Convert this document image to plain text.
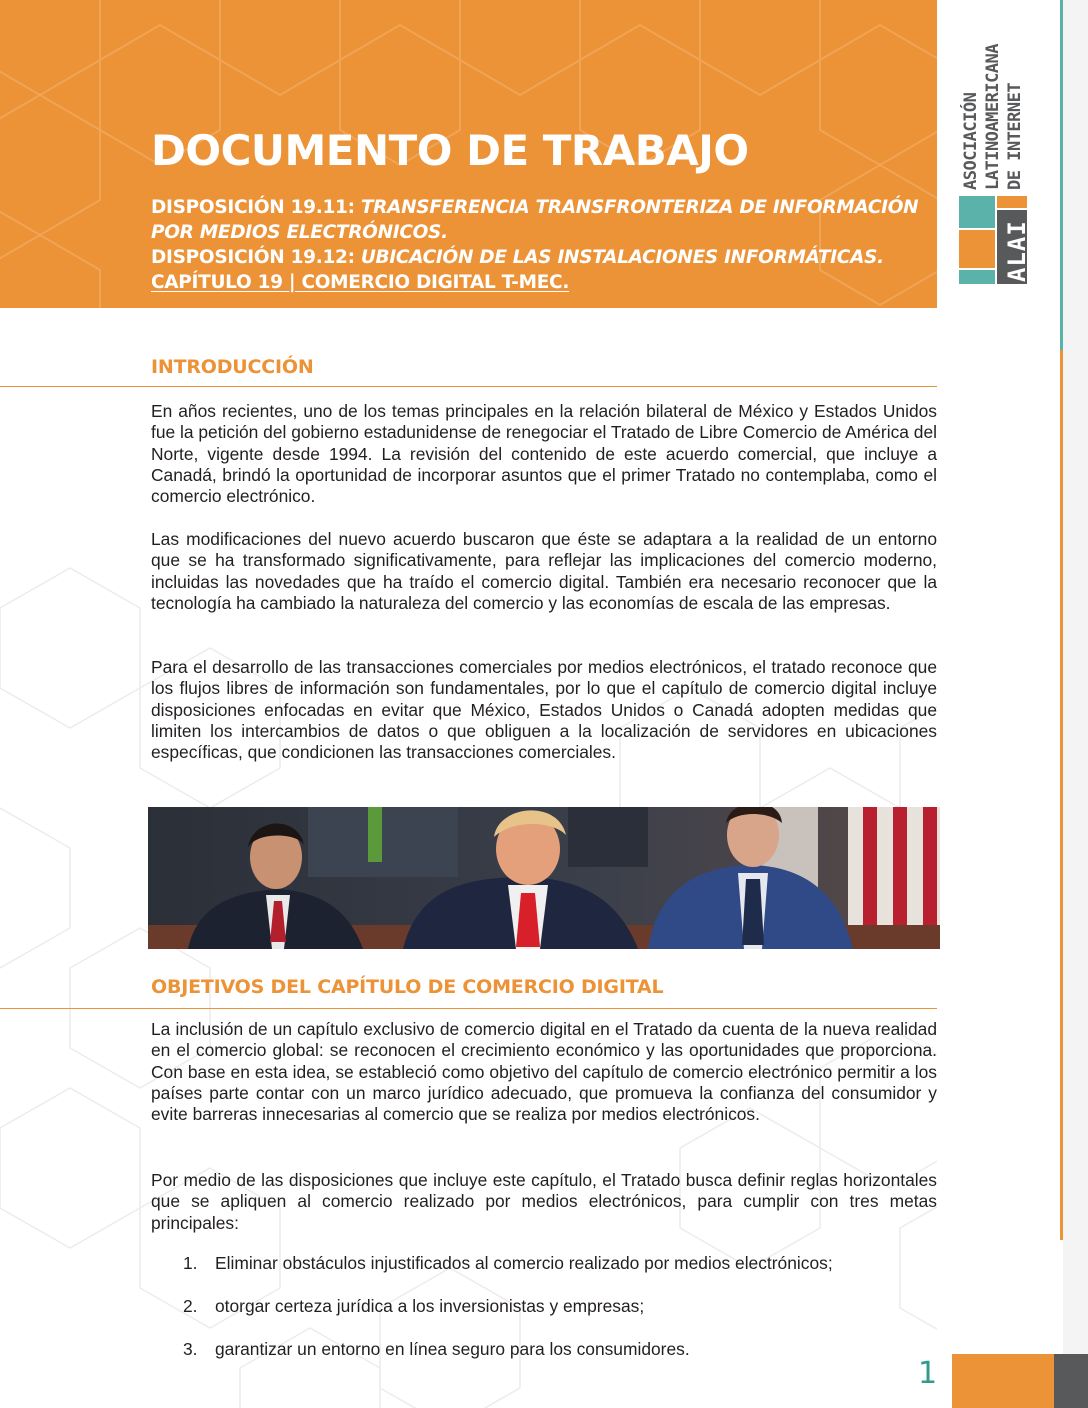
DOCUMENTO DE TRABAJO
DISPOSICIÓN 19.11: TRANSFERENCIA TRANSFRONTERIZA DE INFORMACIÓN
POR MEDIOS ELECTRÓNICOS.
DISPOSICIÓN 19.12: UBICACIÓN DE LAS INSTALACIONES INFORMÁTICAS.
CAPÍTULO 19 | COMERCIO DIGITAL T-MEC.
ASOCIACIÓN LATINOAMERICANA DE INTERNET
ALAI
INTRODUCCIÓN

En años recientes, uno de los temas principales en la relación bilateral de México y Estados Unidos fue la petición del gobierno estadunidense de renegociar el Tratado de Libre Comercio de América del Norte, vigente desde 1994. La revisión del contenido de este acuerdo comercial, que incluye a Canadá, brindó la oportunidad de incorporar asuntos que el primer Tratado no contemplaba, como el comercio electrónico.

Las modificaciones del nuevo acuerdo buscaron que éste se adaptara a la realidad de un entorno que se ha transformado significativamente, para reflejar las implicaciones del comercio moderno, incluidas las novedades que ha traído el comercio digital. También era necesario reconocer que la tecnología ha cambiado la naturaleza del comercio y las economías de escala de las empresas.

Para el desarrollo de las transacciones comerciales por medios electrónicos, el tratado reconoce que los flujos libres de información son fundamentales, por lo que el capítulo de comercio digital incluye disposiciones enfocadas en evitar que México, Estados Unidos o Canadá adopten medidas que limiten los intercambios de datos o que obliguen a la localización de servidores en ubicaciones específicas, que condicionen las transacciones comerciales.

OBJETIVOS DEL CAPÍTULO DE COMERCIO DIGITAL

La inclusión de un capítulo exclusivo de comercio digital en el Tratado da cuenta de la nueva realidad en el comercio global: se reconocen el crecimiento económico y las oportunidades que proporciona. Con base en esta idea, se estableció como objetivo del capítulo de comercio electrónico permitir a los países parte contar con un marco jurídico adecuado, que promueva la confianza del consumidor y evite barreras innecesarias al comercio que se realiza por medios electrónicos.

Por medio de las disposiciones que incluye este capítulo, el Tratado busca definir reglas horizontales que se apliquen al comercio realizado por medios electrónicos, para cumplir con tres metas principales:

1. Eliminar obstáculos injustificados al comercio realizado por medios electrónicos;
2. otorgar certeza jurídica a los inversionistas y empresas;
3. garantizar un entorno en línea seguro para los consumidores.
1
